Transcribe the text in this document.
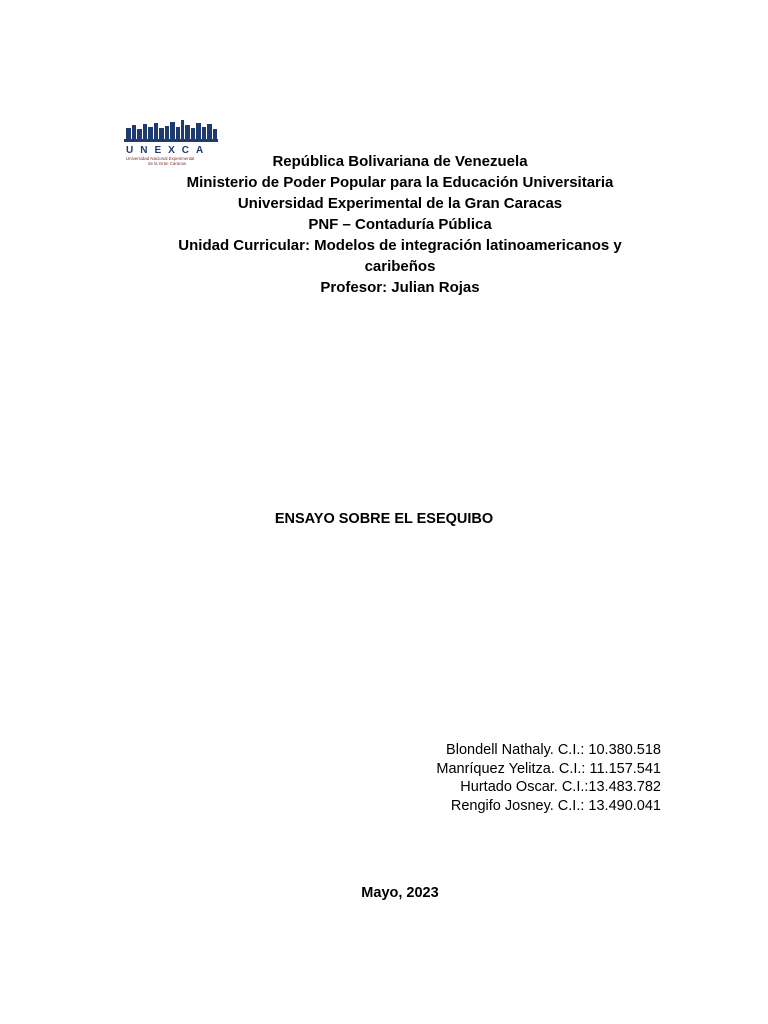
UNEXCA
Universidad Nacional Experimental
de la Gran Caracas	República Bolivariana de Venezuela
Ministerio de Poder Popular para la Educación Universitaria
Universidad Experimental de la Gran Caracas
PNF – Contaduría Pública
Unidad Curricular: Modelos de integración latinoamericanos y
caribeños
Profesor: Julian Rojas
ENSAYO SOBRE EL ESEQUIBO
Blondell Nathaly. C.I.: 10.380.518
Manríquez Yelitza. C.I.: 11.157.541
Hurtado Oscar. C.I.:13.483.782
Rengifo Josney. C.I.: 13.490.041
Mayo, 2023
